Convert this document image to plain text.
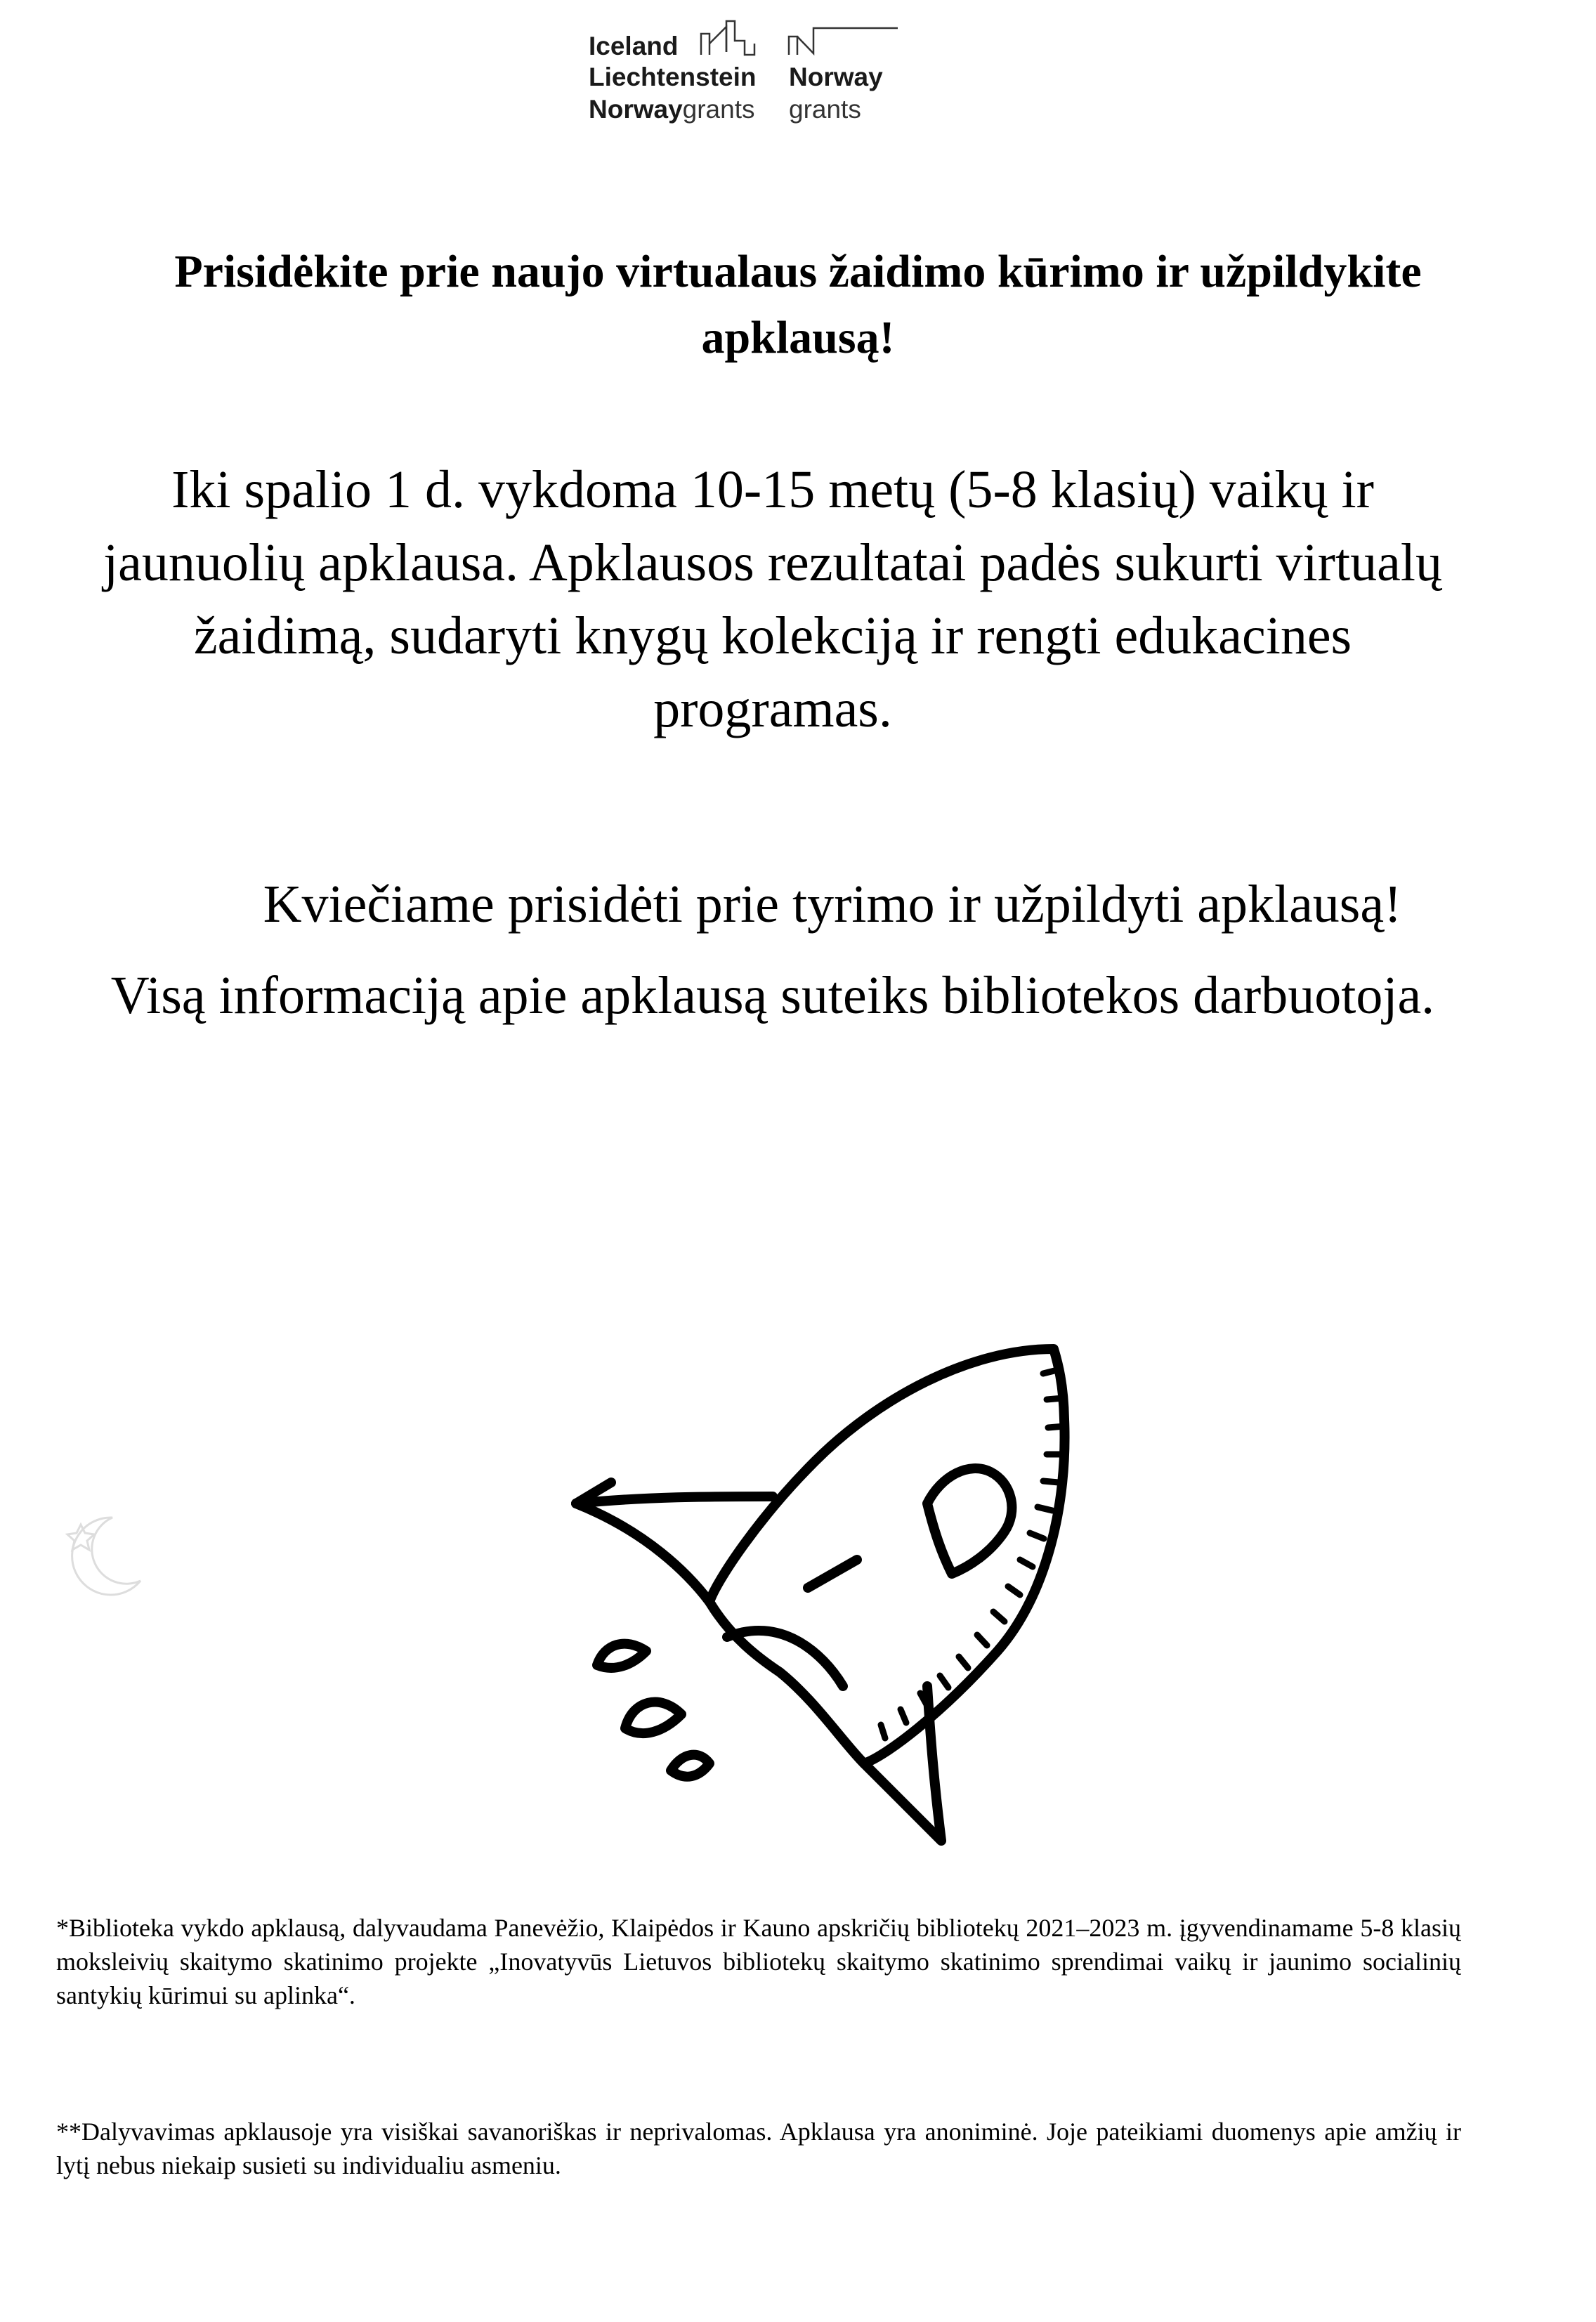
Iceland
Liechtenstein
Norwaygrants
Norway
grants
Prisidėkite prie naujo virtualaus žaidimo kūrimo ir užpildykite apklausą!
Iki spalio 1 d. vykdoma 10-15 metų (5-8 klasių) vaikų ir jaunuolių apklausa. Apklausos rezultatai padės sukurti virtualų žaidimą, sudaryti knygų kolekciją ir rengti edukacines programas.
Kviečiame prisidėti prie tyrimo ir užpildyti apklausą!
Visą informaciją apie apklausą suteiks bibliotekos darbuotoja.
*Biblioteka vykdo apklausą, dalyvaudama Panevėžio, Klaipėdos ir Kauno apskričių bibliotekų 2021–2023 m. įgyvendinamame 5-8 klasių moksleivių skaitymo skatinimo projekte „Inovatyvūs Lietuvos bibliotekų skaitymo skatinimo sprendimai vaikų ir jaunimo socialinių santykių kūrimui su aplinka“.
**Dalyvavimas apklausoje yra visiškai savanoriškas ir neprivalomas. Apklausa yra anoniminė. Joje pateikiami duomenys apie amžių ir lytį nebus niekaip susieti su individualiu asmeniu.
